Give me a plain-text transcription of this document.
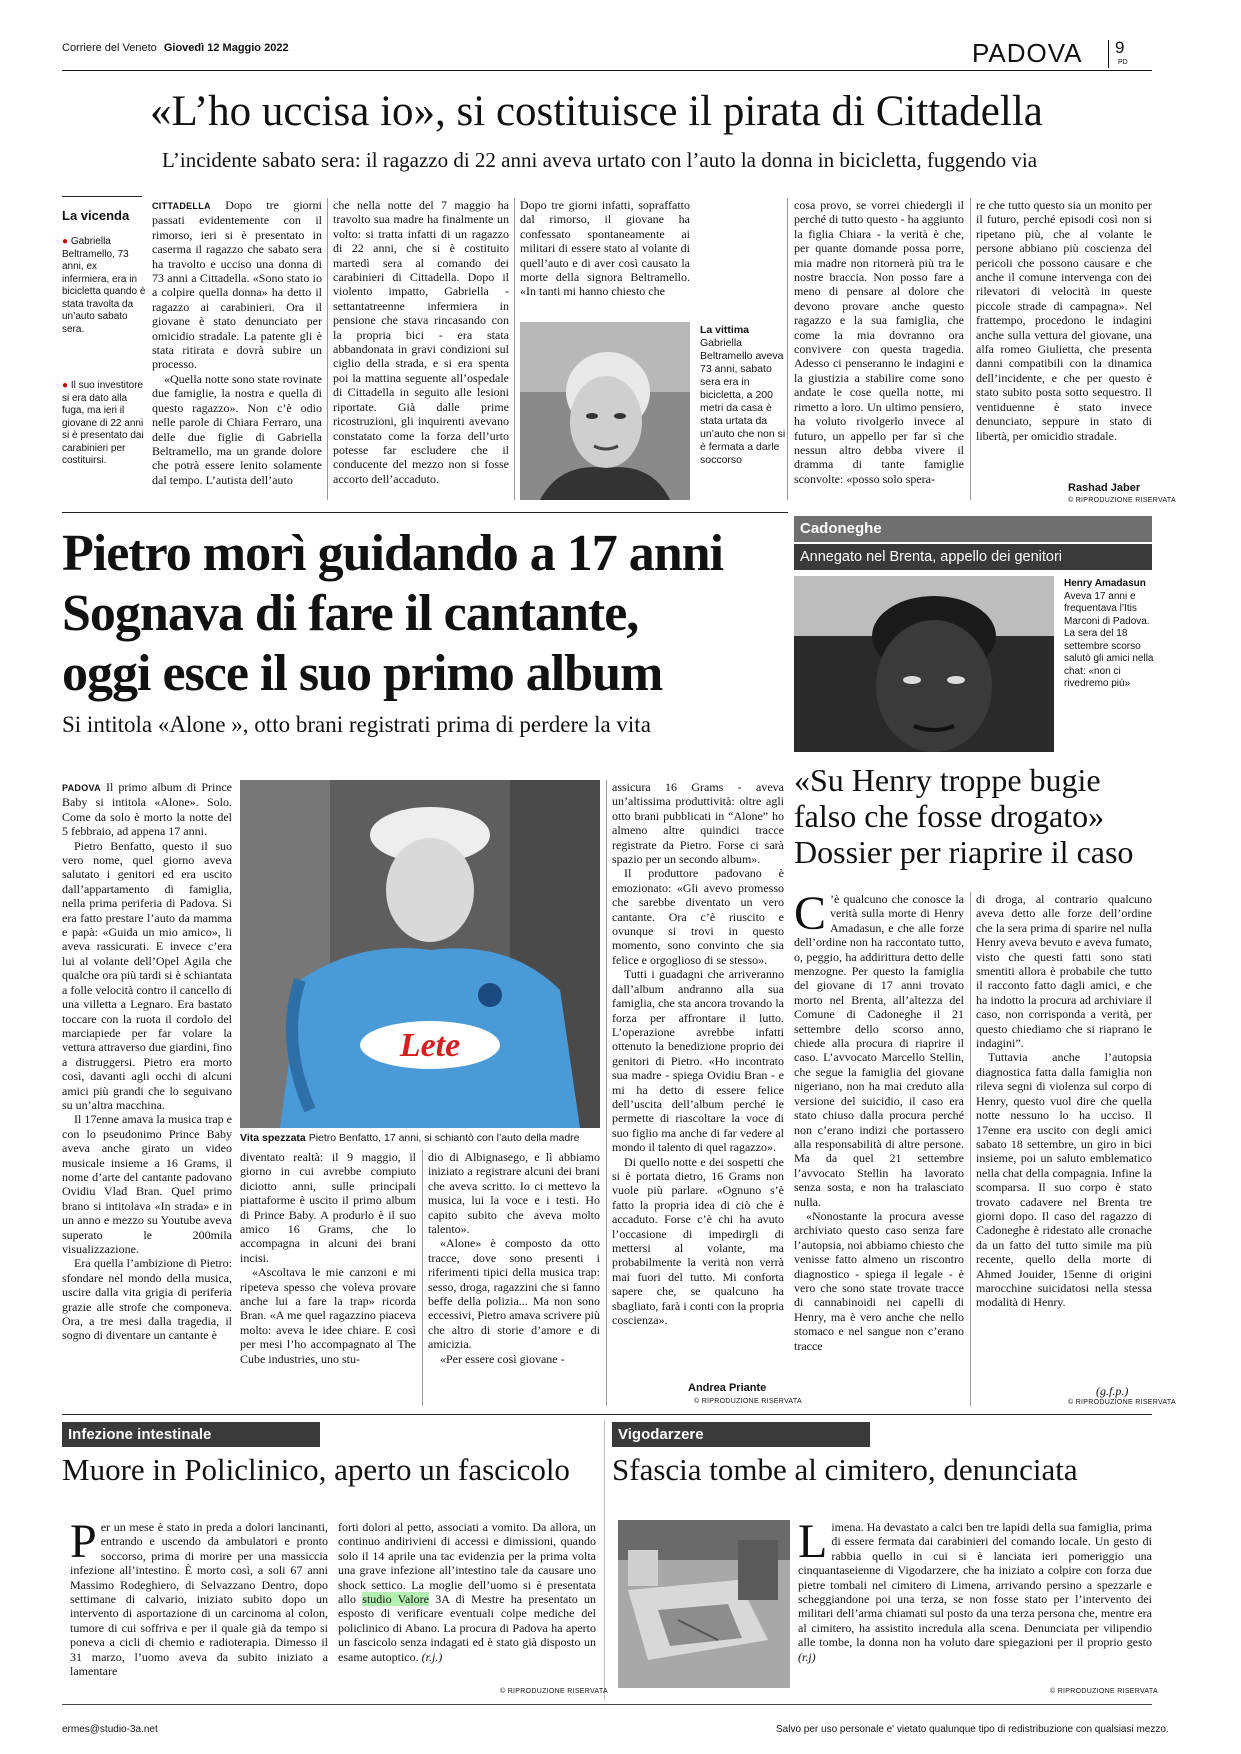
Corriere del Veneto Giovedì 12 Maggio 2022	PADOVA 9
PD
«L’ho uccisa io», si costituisce il pirata di Cittadella
L’incidente sabato sera: il ragazzo di 22 anni aveva urtato con l’auto la donna in bicicletta, fuggendo via
La vicenda
● Gabriella Beltramello, 73 anni, ex infermiera, era in bicicletta quando è stata travolta da un’auto sabato sera.
● Il suo investitore si era dato alla fuga, ma ieri il giovane di 22 anni si è presentato dai carabinieri per costituirsi.

CITTADELLA Dopo tre giorni passati evidentemente con il rimorso, ieri si è presentato in caserma il ragazzo che sabato sera ha travolto e ucciso una donna di 73 anni a Cittadella. «Sono stato io a colpire quella donna» ha detto il ragazzo ai carabinieri. Ora il giovane è stato denunciato per omicidio stradale. La patente gli è stata ritirata e dovrà subire un processo.

«Quella notte sono state rovinate due famiglie, la nostra e quella di questo ragazzo». Non c’è odio nelle parole di Chiara Ferraro, una delle due figlie di Gabriella Beltramello, ma un grande dolore che potrà essere lenito solamente dal tempo. L’autista dell’auto

che nella notte del 7 maggio ha travolto sua madre ha finalmente un volto: si tratta infatti di un ragazzo di 22 anni, che si è costituito martedì sera al comando dei carabinieri di Cittadella. Dopo il violento impatto, Gabriella - settantatreenne infermiera in pensione che stava rincasando con la propria bici - era stata abbandonata in gravi condizioni sul ciglio della strada, e si era spenta poi la mattina seguente all’ospedale di Cittadella in seguito alle lesioni riportate. Già dalle prime ricostruzioni, gli inquirenti avevano constatato come la forza dell’urto potesse far escludere che il conducente del mezzo non si fosse accorto dell’accaduto.

Dopo tre giorni infatti, sopraffatto dal rimorso, il giovane ha confessato spontaneamente ai militari di essere stato al volante di quell’auto e di aver così causato la morte della signora Beltramello. «In tanti mi hanno chiesto che

La vittima
Gabriella Beltramello aveva 73 anni, sabato sera era in bicicletta, a 200 metri da casa è stata urtata da un’auto che non si è fermata a darle soccorso

cosa provo, se vorrei chiedergli il perché di tutto questo - ha aggiunto la figlia Chiara - la verità è che, per quante domande possa porre, mia madre non ritornerà più tra le nostre braccia. Non posso fare a meno di pensare al dolore che devono provare anche questo ragazzo e la sua famiglia, che come la mia dovranno ora convivere con questa tragedia. Adesso ci penseranno le indagini e la giustizia a stabilire come sono andate le cose quella notte, mi rimetto a loro. Un ultimo pensiero, ha voluto rivolgerlo invece al futuro, un appello per far sì che nessun altro debba vivere il dramma di tante famiglie sconvolte: «posso solo spera-

re che tutto questo sia un monito per il futuro, perché episodi così non si ripetano più, che al volante le persone abbiano più coscienza del pericoli che possono causare e che anche il comune intervenga con dei rilevatori di velocità in queste piccole strade di campagna». Nel frattempo, procedono le indagini anche sulla vettura del giovane, una alfa romeo Giulietta, che presenta danni compatibili con la dinamica dell’incidente, e che per questo è stato subito posta sotto sequestro. Il ventiduenne è stato invece denunciato, seppure in stato di libertà, per omicidio stradale.

Rashad Jaber
© RIPRODUZIONE RISERVATA
Pietro morì guidando a 17 anni
Sognava di fare il cantante,
oggi esce il suo primo album
Si intitola «Alone », otto brani registrati prima di perdere la vita

PADOVA Il primo album di Prince Baby si intitola «Alone». Solo. Come da solo è morto la notte del 5 febbraio, ad appena 17 anni.

Pietro Benfatto, questo il suo vero nome, quel giorno aveva salutato i genitori ed era uscito dall’appartamento di famiglia, nella prima periferia di Padova. Si era fatto prestare l’auto da mamma e papà: «Guida un mio amico», li aveva rassicurati. E invece c’era lui al volante dell’Opel Agila che qualche ora più tardi si è schiantata a folle velocità contro il cancello di una villetta a Legnaro. Era bastato toccare con la ruota il cordolo del marciapiede per far volare la vettura attraverso due giardini, fino a distruggersi. Pietro era morto così, davanti agli occhi di alcuni amici più grandi che lo seguivano su un’altra macchina.

Il 17enne amava la musica trap e con lo pseudonimo Prince Baby aveva anche girato un video musicale insieme a 16 Grams, il nome d’arte del cantante padovano Ovidiu Vlad Bran. Quel primo brano si intitolava «In strada» e in un anno e mezzo su Youtube aveva superato le 200mila visualizzazione.

Era quella l’ambizione di Pietro: sfondare nel mondo della musica, uscire dalla vita grigia di periferia grazie alle strofe che componeva. Ora, a tre mesi dalla tragedia, il sogno di diventare un cantante è

Lete
Vita spezzata Pietro Benfatto, 17 anni, si schiantò con l’auto della madre

diventato realtà: il 9 maggio, il giorno in cui avrebbe compiuto diciotto anni, sulle principali piattaforme è uscito il primo album di Prince Baby. A produrlo è il suo amico 16 Grams, che lo accompagna in alcuni dei brani incisi.

«Ascoltava le mie canzoni e mi ripeteva spesso che voleva provare anche lui a fare la trap» ricorda Bran. «A me quel ragazzino piaceva molto: aveva le idee chiare. E così per mesi l’ho accompagnato al The Cube industries, uno stu-

dio di Albignasego, e lì abbiamo iniziato a registrare alcuni dei brani che aveva scritto. Io ci mettevo la musica, lui la voce e i testi. Ho capito subito che aveva molto talento».

«Alone» è composto da otto tracce, dove sono presenti i riferimenti tipici della musica trap: sesso, droga, ragazzini che si fanno beffe della polizia... Ma non sono eccessivi, Pietro amava scrivere più che altro di storie d’amore e di amicizia.

«Per essere così giovane -

assicura 16 Grams - aveva un’altissima produttività: oltre agli otto brani pubblicati in “Alone” ho almeno altre quindici tracce registrate da Pietro. Forse ci sarà spazio per un secondo album».

Il produttore padovano è emozionato: «Gli avevo promesso che sarebbe diventato un vero cantante. Ora c’è riuscito e ovunque si trovi in questo momento, sono convinto che sia felice e orgoglioso di se stesso».

Tutti i guadagni che arriveranno dall’album andranno alla sua famiglia, che sta ancora trovando la forza per affrontare il lutto. L’operazione avrebbe infatti ottenuto la benedizione proprio dei genitori di Pietro. «Ho incontrato sua madre - spiega Ovidiu Bran - e mi ha detto di essere felice dell’uscita dell’album perché le permette di riascoltare la voce di suo figlio ma anche di far vedere al mondo il talento di quel ragazzo».

Di quello notte e dei sospetti che si è portata dietro, 16 Grams non vuole più parlare. «Ognuno s’è fatto la propria idea di ciò che è accaduto. Forse c’è chi ha avuto l’occasione di impedirgli di mettersi al volante, ma probabilmente la verità non verrà mai fuori del tutto. Mi conforta sapere che, se qualcuno ha sbagliato, farà i conti con la propria coscienza».

Andrea Priante
© RIPRODUZIONE RISERVATA
Cadoneghe
Annegato nel Brenta, appello dei genitori
Henry Amadasun
Aveva 17 anni e frequentava l’Itis Marconi di Padova. La sera del 18 settembre scorso salutò gli amici nella chat: «non ci rivedremo più»
«Su Henry troppe bugie
falso che fosse drogato»
Dossier per riaprire il caso

C ’è qualcuno che conosce la verità sulla morte di Henry Amadasun, e che alle forze dell’ordine non ha raccontato tutto, o, peggio, ha addirittura detto delle menzogne. Per questo la famiglia del giovane di 17 anni trovato morto nel Brenta, all’altezza del Comune di Cadoneghe il 21 settembre dello scorso anno, chiede alla procura di riaprire il caso. L’avvocato Marcello Stellin, che segue la famiglia del giovane nigeriano, non ha mai creduto alla versione del suicidio, il caso era stato chiuso dalla procura perché non c’erano indizi che portassero alla responsabilità di altre persone. Ma da quel 21 settembre l’avvocato Stellin ha lavorato senza sosta, e non ha tralasciato nulla.

«Nonostante la procura avesse archiviato questo caso senza fare l’autopsia, noi abbiamo chiesto che venisse fatto almeno un riscontro diagnostico - spiega il legale - è vero che sono state trovate tracce di cannabinoidi nei capelli di Henry, ma è vero anche che nello stomaco e nel sangue non c’erano tracce

di droga, al contrario qualcuno aveva detto alle forze dell’ordine che la sera prima di sparire nel nulla Henry aveva bevuto e aveva fumato, visto che questi fatti sono stati smentiti allora è probabile che tutto il racconto fatto dagli amici, e che ha indotto la procura ad archiviare il caso, non corrisponda a verità, per questo chiediamo che si riaprano le indagini”.

Tuttavia anche l’autopsia diagnostica fatta dalla famiglia non rileva segni di violenza sul corpo di Henry, questo vuol dire che quella notte nessuno lo ha ucciso. Il 17enne era uscito con degli amici sabato 18 settembre, un giro in bici insieme, poi un saluto emblematico nella chat della compagnia. Infine la scomparsa. Il suo corpo è stato trovato cadavere nel Brenta tre giorni dopo. Il caso del ragazzo di Cadoneghe è ridestato alle cronache da un fatto del tutto simile ma più recente, quello della morte di Ahmed Jouider, 15enne di origini marocchine suicidatosi nella stessa modalità di Henry.

(g.f.p.)
© RIPRODUZIONE RISERVATA
Infezione intestinale
Muore in Policlinico, aperto un fascicolo

Per un mese è stato in preda a dolori lancinanti, entrando e uscendo da ambulatori e pronto soccorso, prima di morire per una massiccia infezione all’intestino. È morto così, a soli 67 anni Massimo Rodeghiero, di Selvazzano Dentro, dopo settimane di calvario, iniziato subito dopo un intervento di asportazione di un carcinoma al colon, tumore di cui soffriva e per il quale già da tempo si poneva a cicli di chemio e radioterapia. Dimesso il 31 marzo, l’uomo aveva da subito iniziato a lamentare

forti dolori al petto, associati a vomito. Da allora, un continuo andirivieni di accessi e dimissioni, quando solo il 14 aprile una tac evidenzia per la prima volta una grave infezione all’intestino tale da causare uno shock settico. La moglie dell’uomo si è presentata allo studio Valore 3A di Mestre ha presentato un esposto di verificare eventuali colpe mediche del policlinico di Abano. La procura di Padova ha aperto un fascicolo senza indagati ed è stato già disposto un esame autoptico. (r.j.)

© RIPRODUZIONE RISERVATA
Vigodarzere
Sfascia tombe al cimitero, denunciata

Limena. Ha devastato a calci ben tre lapidi della sua famiglia, prima di essere fermata dai carabinieri del comando locale. Un gesto di rabbia quello in cui si è lanciata ieri pomeriggio una cinquantaseienne di Vigodarzere, che ha iniziato a colpire con forza due pietre tombali nel cimitero di Limena, arrivando persino a spezzarle e scheggiandone poi una terza, se non fosse stato per l’intervento dei militari dell’arma chiamati sul posto da una terza persona che, mentre era al cimitero, ha assistito incredula alla scena. Denunciata per vilipendio alle tombe, la donna non ha voluto dare spiegazioni per il proprio gesto (r.j)

© RIPRODUZIONE RISERVATA
ermes@studio-3a.net	Salvo per uso personale e' vietato qualunque tipo di redistribuzione con qualsiasi mezzo.
